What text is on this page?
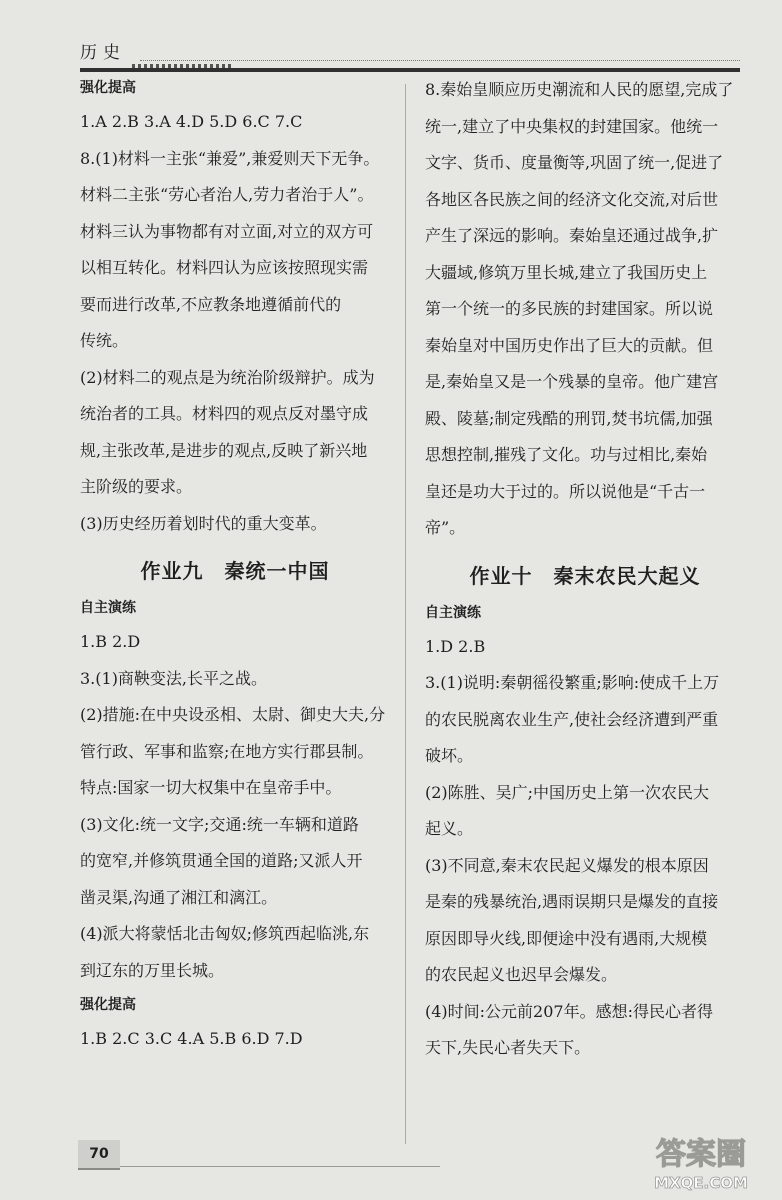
历史
强化提高
1.A 2.B 3.A 4.D 5.D 6.C 7.C
8.(1)材料一主张“兼爱”,兼爱则天下无争。
材料二主张“劳心者治人,劳力者治于人”。
材料三认为事物都有对立面,对立的双方可
以相互转化。材料四认为应该按照现实需
要而进行改革,不应教条地遵循前代的
传统。
(2)材料二的观点是为统治阶级辩护。成为
统治者的工具。材料四的观点反对墨守成
规,主张改革,是进步的观点,反映了新兴地
主阶级的要求。
(3)历史经历着划时代的重大变革。
作业九　秦统一中国
自主演练
1.B 2.D
3.(1)商鞅变法,长平之战。
(2)措施:在中央设丞相、太尉、御史大夫,分
管行政、军事和监察;在地方实行郡县制。
特点:国家一切大权集中在皇帝手中。
(3)文化:统一文字;交通:统一车辆和道路
的宽窄,并修筑贯通全国的道路;又派人开
凿灵渠,沟通了湘江和漓江。
(4)派大将蒙恬北击匈奴;修筑西起临洮,东
到辽东的万里长城。
强化提高
1.B 2.C 3.C 4.A 5.B 6.D 7.D
8.秦始皇顺应历史潮流和人民的愿望,完成了
统一,建立了中央集权的封建国家。他统一
文字、货币、度量衡等,巩固了统一,促进了
各地区各民族之间的经济文化交流,对后世
产生了深远的影响。秦始皇还通过战争,扩
大疆域,修筑万里长城,建立了我国历史上
第一个统一的多民族的封建国家。所以说
秦始皇对中国历史作出了巨大的贡献。但
是,秦始皇又是一个残暴的皇帝。他广建宫
殿、陵墓;制定残酷的刑罚,焚书坑儒,加强
思想控制,摧残了文化。功与过相比,秦始
皇还是功大于过的。所以说他是“千古一
帝”。
作业十　秦末农民大起义
自主演练
1.D 2.B
3.(1)说明:秦朝徭役繁重;影响:使成千上万
的农民脱离农业生产,使社会经济遭到严重
破坏。
(2)陈胜、吴广;中国历史上第一次农民大
起义。
(3)不同意,秦末农民起义爆发的根本原因
是秦的残暴统治,遇雨误期只是爆发的直接
原因即导火线,即便途中没有遇雨,大规模
的农民起义也迟早会爆发。
(4)时间:公元前207年。感想:得民心者得
天下,失民心者失天下。
70	答案圈
MXQE.COM
